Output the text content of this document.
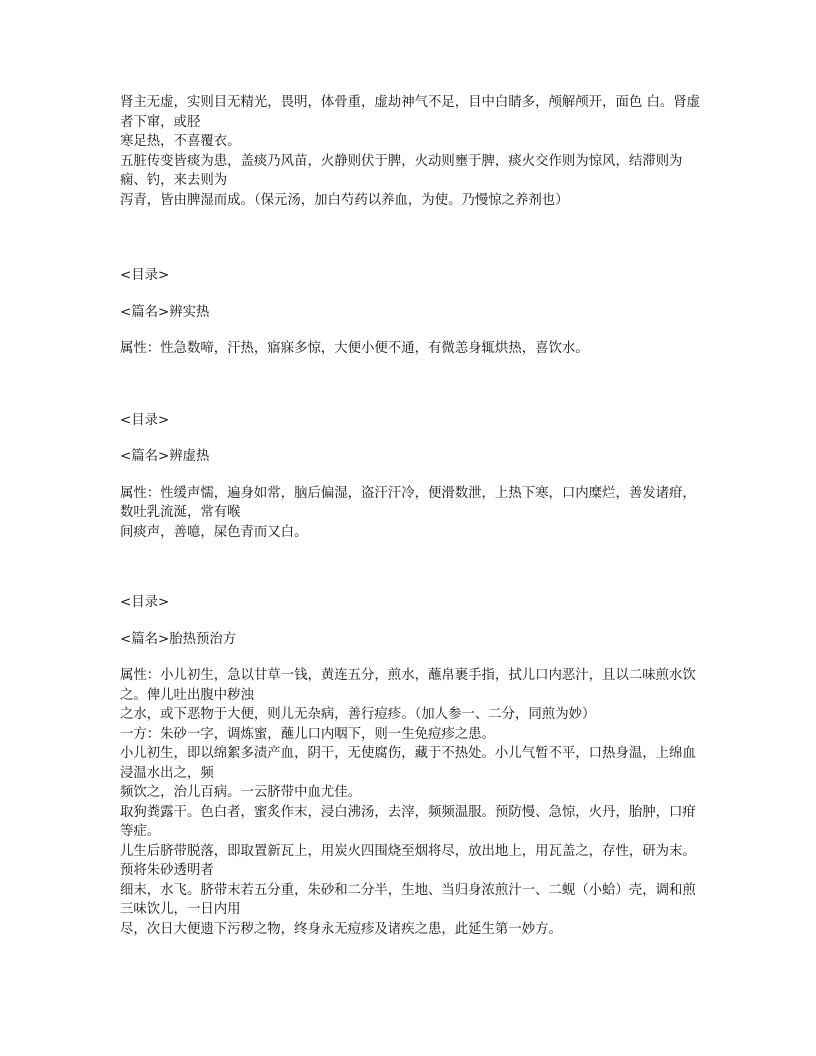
肾主无虚，实则目无精光，畏明，体骨重，虚劫神气不足，目中白睛多，颅解颅开，面色 白。肾虚者下窜，或胫
寒足热，不喜覆衣。
五脏传变皆痰为患，盖痰乃风苗，火静则伏于脾，火动则壅于脾，痰火交作则为惊风，结滞则为痫、钓，来去则为
泻青，皆由脾湿而成。（保元汤，加白芍药以养血，为使。乃慢惊之养剂也）
<目录>
<篇名>辨实热
属性：性急数啼，汗热，寤寐多惊，大便小便不通，有微恙身辄烘热，喜饮水。
<目录>
<篇名>辨虚热
属性：性缓声懦，遍身如常，脑后偏湿，盗汗汗冷，便滑数泄，上热下寒，口内糜烂，善发诸疳，数吐乳流涎，常有喉
间痰声，善噫，屎色青而又白。
<目录>
<篇名>胎热预治方
属性：小儿初生，急以甘草一钱，黄连五分，煎水，蘸帛裹手指，拭儿口内恶汁，且以二味煎水饮之。俾儿吐出腹中秽浊
之水，或下恶物于大便，则儿无杂病，善行痘疹。（加人参一、二分，同煎为妙）
一方：朱砂一字，调炼蜜，蘸儿口内咽下，则一生免痘疹之患。
小儿初生，即以绵絮多渍产血，阴干，无使腐伤，藏于不热处。小儿气暂不平，口热身温，上绵血浸温水出之，频
频饮之，治儿百病。一云脐带中血尤佳。
取狗粪露干。色白者，蜜炙作末，浸白沸汤，去滓，频频温服。预防慢、急惊，火丹，胎肿，口疳等症。
儿生后脐带脱落，即取置新瓦上，用炭火四围烧至烟将尽，放出地上，用瓦盖之，存性，研为末。预将朱砂透明者
细末，水飞。脐带末若五分重，朱砂和二分半，生地、当归身浓煎汁一、二蚬（小蛤）壳，调和煎三味饮儿，一日内用
尽，次日大便遗下污秽之物，终身永无痘疹及诸疾之患，此延生第一妙方。
